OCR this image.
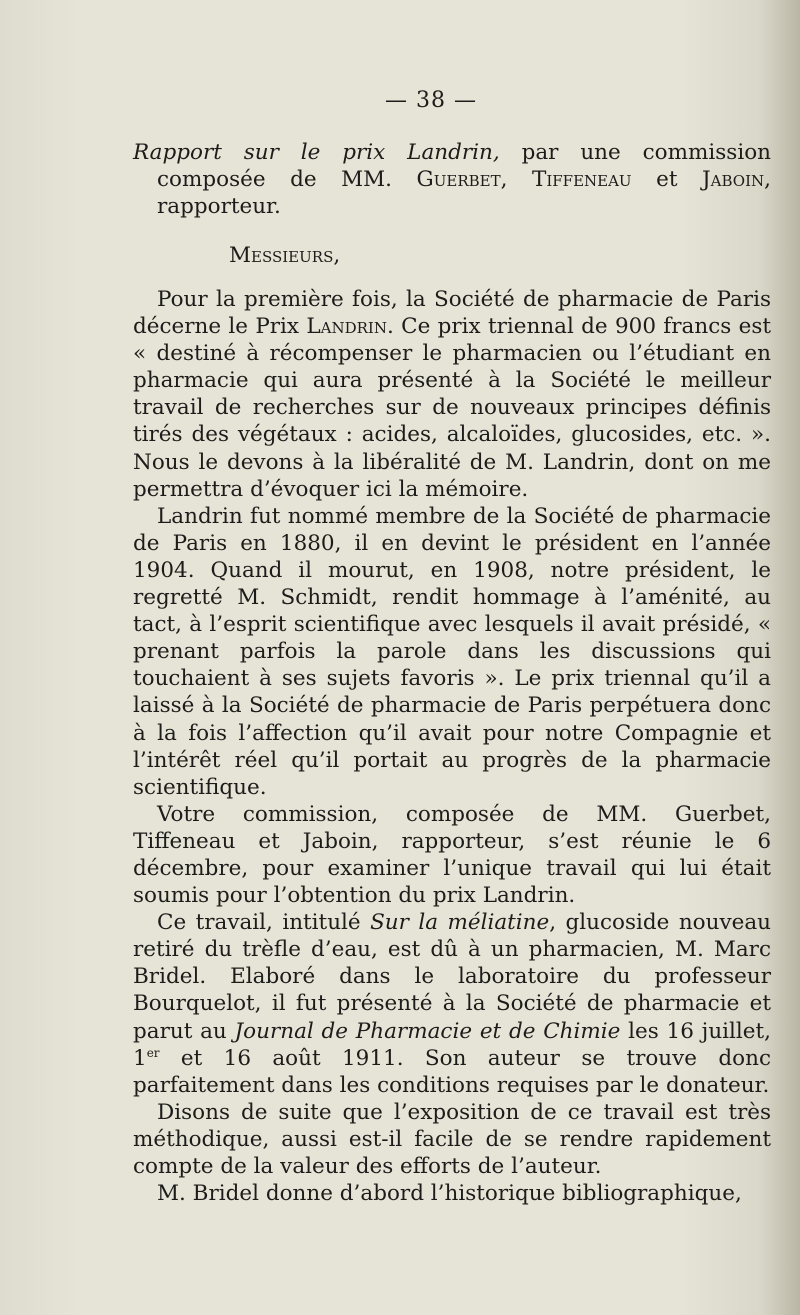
— 38 —

Rapport sur le prix Landrin, par une commission composée de MM. Guerbet, Tiffeneau et Jaboin, rapporteur.

Messieurs,

Pour la première fois, la Société de pharmacie de Paris décerne le Prix Landrin. Ce prix triennal de 900 francs est « destiné à récompenser le pharmacien ou l’étudiant en pharmacie qui aura présenté à la Société le meilleur travail de recherches sur de nouveaux principes définis tirés des végétaux : acides, alcaloïdes, glucosides, etc. ». Nous le devons à la libéralité de M. Landrin, dont on me permettra d’évoquer ici la mémoire.

Landrin fut nommé membre de la Société de pharmacie de Paris en 1880, il en devint le président en l’année 1904. Quand il mourut, en 1908, notre président, le regretté M. Schmidt, rendit hommage à l’aménité, au tact, à l’esprit scientifique avec lesquels il avait présidé, « prenant parfois la parole dans les discussions qui touchaient à ses sujets favoris ». Le prix triennal qu’il a laissé à la Société de pharmacie de Paris perpétuera donc à la fois l’affection qu’il avait pour notre Compagnie et l’intérêt réel qu’il portait au progrès de la pharmacie scientifique.

Votre commission, composée de MM. Guerbet, Tiffeneau et Jaboin, rapporteur, s’est réunie le 6 décembre, pour examiner l’unique travail qui lui était soumis pour l’obtention du prix Landrin.

Ce travail, intitulé Sur la méliatine, glucoside nouveau retiré du trèfle d’eau, est dû à un pharmacien, M. Marc Bridel. Elaboré dans le laboratoire du professeur Bourquelot, il fut présenté à la Société de pharmacie et parut au Journal de Pharmacie et de Chimie les 16 juillet, 1er et 16 août 1911. Son auteur se trouve donc parfaitement dans les conditions requises par le donateur.

Disons de suite que l’exposition de ce travail est très méthodique, aussi est-il facile de se rendre rapidement compte de la valeur des efforts de l’auteur.

M. Bridel donne d’abord l’historique bibliographique,
